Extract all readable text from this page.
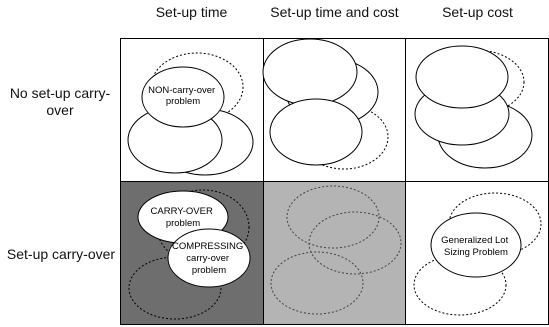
Set-up time	Set-up time and cost	Set-up cost
No set-up carry-over
Set-up carry-over
NON-carry-over problem
CARRY-OVER problem
COMPRESSING carry-over problem
Generalized Lot Sizing Problem
